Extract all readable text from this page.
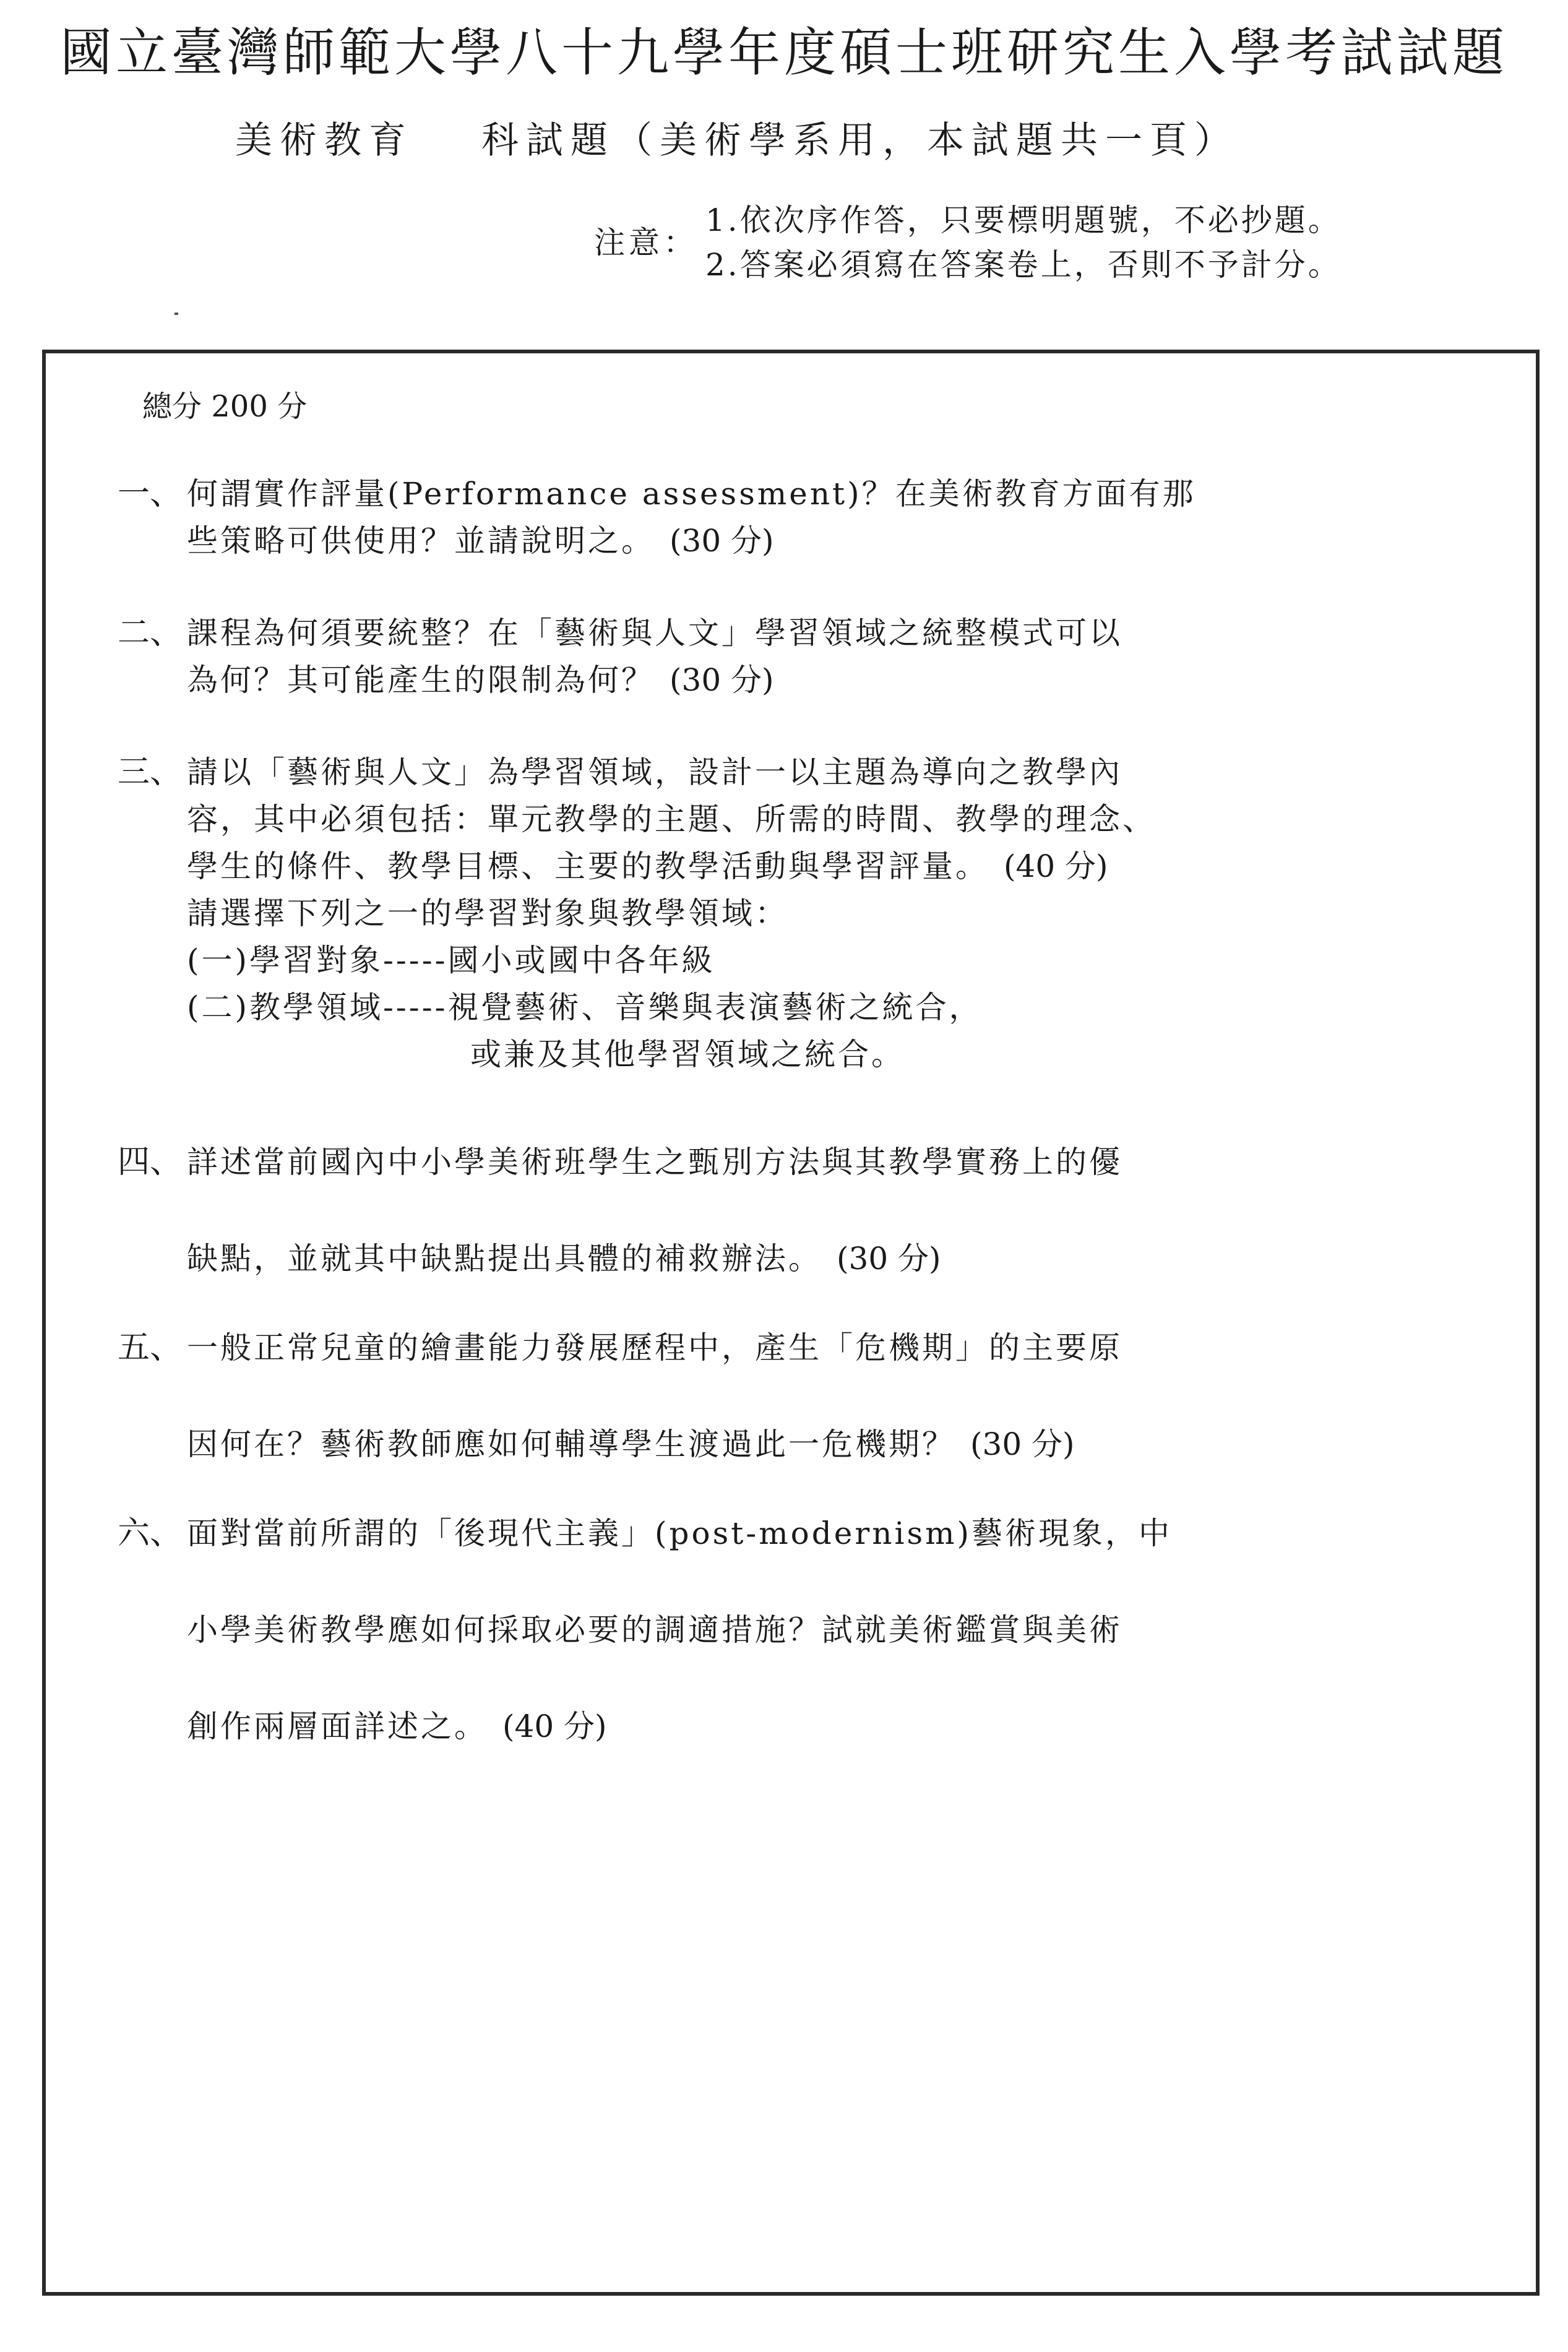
國立臺灣師範大學八十九學年度碩士班研究生入學考試試題
美術教育 科試題（美術學系用，本試題共一頁）
注意：
1.依次序作答，只要標明題號，不必抄題。
2.答案必須寫在答案卷上，否則不予計分。
總分 200 分
一、 何謂實作評量(Performance assessment)？在美術教育方面有那
些策略可供使用？並請說明之。 (30 分)
二、 課程為何須要統整？在「藝術與人文」學習領域之統整模式可以
為何？其可能產生的限制為何？ (30 分)
三、 請以「藝術與人文」為學習領域，設計一以主題為導向之教學內
容，其中必須包括：單元教學的主題、所需的時間、教學的理念、
學生的條件、教學目標、主要的教學活動與學習評量。 (40 分)
請選擇下列之一的學習對象與教學領域：
(一)學習對象-----國小或國中各年級
(二)教學領域-----視覺藝術、音樂與表演藝術之統合，
或兼及其他學習領域之統合。
四、 詳述當前國內中小學美術班學生之甄別方法與其教學實務上的優
缺點，並就其中缺點提出具體的補救辦法。 (30 分)
五、 一般正常兒童的繪畫能力發展歷程中，產生「危機期」的主要原
因何在？藝術教師應如何輔導學生渡過此一危機期？ (30 分)
六、 面對當前所謂的「後現代主義」(post-modernism)藝術現象，中
小學美術教學應如何採取必要的調適措施？試就美術鑑賞與美術
創作兩層面詳述之。 (40 分)
